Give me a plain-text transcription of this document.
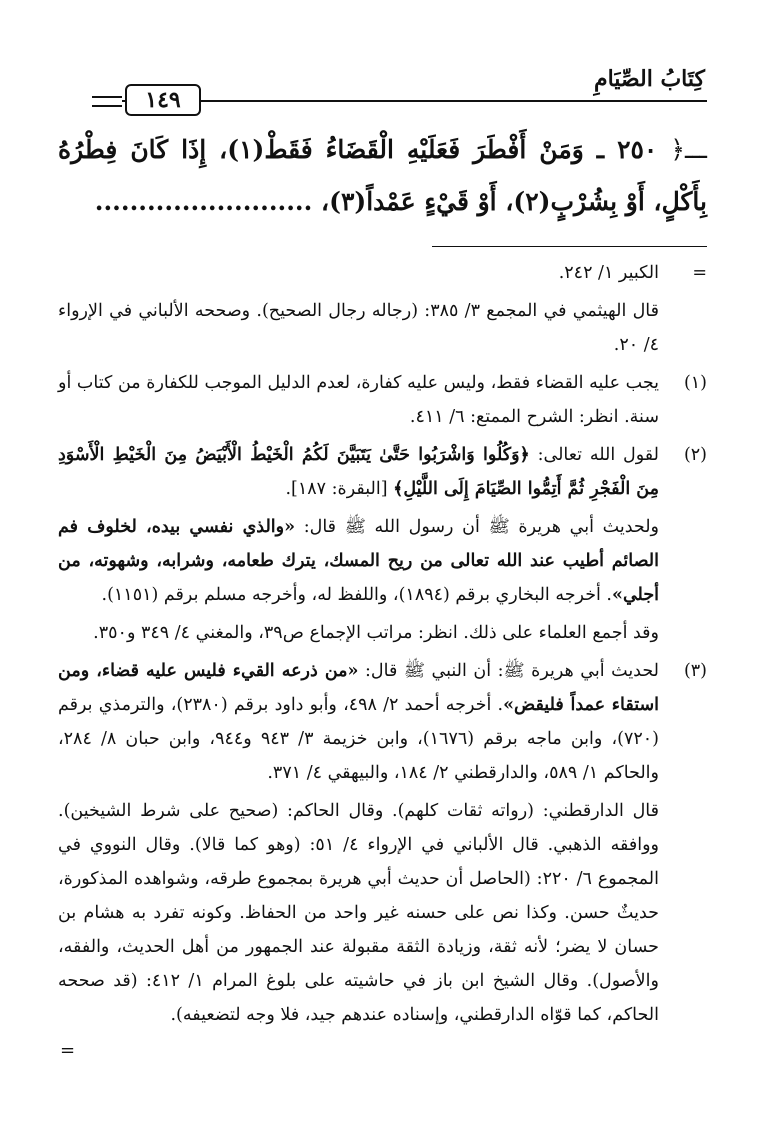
كِتَابُ الصِّيَامِ
١٤٩
ـــ﴿ ٢٥٠ ـ وَمَنْ أَفْطَرَ فَعَلَيْهِ الْقَضَاءُ فَقَطْ(١)، إِذَا كَانَ فِطْرُهُ بِأَكْلٍ، أَوْ بِشُرْبٍ(٢)، أَوْ قَيْءٍ عَمْداً(٣)، .........................
=

الكبير ١/ ٢٤٢.

قال الهيثمي في المجمع ٣/ ٣٨٥: (رجاله رجال الصحيح). وصححه الألباني في الإرواء ٤/ ٢٠.

(١)

يجب عليه القضاء فقط، وليس عليه كفارة، لعدم الدليل الموجب للكفارة من كتاب أو سنة. انظر: الشرح الممتع: ٦/ ٤١١.

(٢)

لقول الله تعالى: ﴿وَكُلُوا وَاشْرَبُوا حَتَّىٰ يَتَبَيَّنَ لَكُمُ الْخَيْطُ الْأَبْيَضُ مِنَ الْخَيْطِ الْأَسْوَدِ مِنَ الْفَجْرِ ثُمَّ أَتِمُّوا الصِّيَامَ إِلَى اللَّيْلِ﴾ [البقرة: ١٨٧].

ولحديث أبي هريرة ﷺ أن رسول الله ﷺ قال: «والذي نفسي بيده، لخلوف فم الصائم أطيب عند الله تعالى من ريح المسك، يترك طعامه، وشرابه، وشهوته، من أجلي». أخرجه البخاري برقم (١٨٩٤)، واللفظ له، وأخرجه مسلم برقم (١١٥١).

وقد أجمع العلماء على ذلك. انظر: مراتب الإجماع ص٣٩، والمغني ٤/ ٣٤٩ و٣٥٠.

(٣)

لحديث أبي هريرة ﷺ: أن النبي ﷺ قال: «من ذرعه القيء فليس عليه قضاء، ومن استقاء عمداً فليقض». أخرجه أحمد ٢/ ٤٩٨، وأبو داود برقم (٢٣٨٠)، والترمذي برقم (٧٢٠)، وابن ماجه برقم (١٦٧٦)، وابن خزيمة ٣/ ٩٤٣ و٩٤٤، وابن حبان ٨/ ٢٨٤، والحاكم ١/ ٥٨٩، والدارقطني ٢/ ١٨٤، والبيهقي ٤/ ٣٧١.

قال الدارقطني: (رواته ثقات كلهم). وقال الحاكم: (صحيح على شرط الشيخين). ووافقه الذهبي. قال الألباني في الإرواء ٤/ ٥١: (وهو كما قالا). وقال النووي في المجموع ٦/ ٢٢٠: (الحاصل أن حديث أبي هريرة بمجموع طرقه، وشواهده المذكورة، حديثٌ حسن. وكذا نص على حسنه غير واحد من الحفاظ. وكونه تفرد به هشام بن حسان لا يضر؛ لأنه ثقة، وزيادة الثقة مقبولة عند الجمهور من أهل الحديث، والفقه، والأصول). وقال الشيخ ابن باز في حاشيته على بلوغ المرام ١/ ٤١٢: (قد صححه الحاكم، كما قوّاه الدارقطني، وإسناده عندهم جيد، فلا وجه لتضعيفه).

=
